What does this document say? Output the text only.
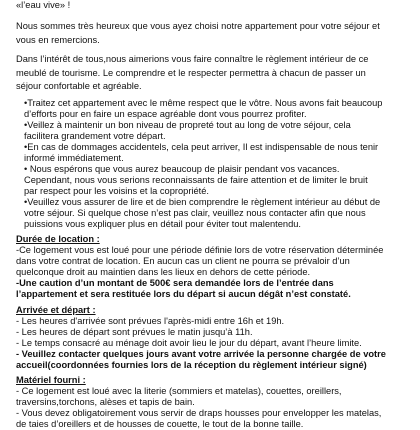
«l’eau vive» !
Nous sommes très heureux que vous ayez choisi notre appartement pour votre séjour et
vous en remercions.
Dans l’intérêt de tous,nous aimerions vous faire connaître le règlement intérieur de ce
meublé de tourisme. Le comprendre et le respecter permettra à chacun de passer un
séjour confortable et agréable.
•Traitez cet appartement avec le même respect que le vôtre. Nous avons fait beaucoup
d’efforts pour en faire un espace agréable dont vous pourrez profiter.
•Veillez à maintenir un bon niveau de propreté tout au long de votre séjour, cela
facilitera grandement votre départ.
•En cas de dommages accidentels, cela peut arriver, Il est indispensable de nous tenir
informé immédiatement.
• Nous espérons que vous aurez beaucoup de plaisir pendant vos vacances.
Cependant, nous vous serions reconnaissants de faire attention et de limiter le bruit
par respect pour les voisins et la copropriété.
•Veuillez vous assurer de lire et de bien comprendre le règlement intérieur au début de
votre séjour. Si quelque chose n’est pas clair, veuillez nous contacter afin que nous
puissions vous expliquer plus en détail pour éviter tout malentendu.
Durée de location :
-Ce logement vous est loué pour une période définie lors de votre réservation déterminée
dans votre contrat de location. En aucun cas un client ne pourra se prévaloir d’un
quelconque droit au maintien dans les lieux en dehors de cette période.
-Une caution d’un montant de 500€ sera demandée lors de l’entrée dans
l’appartement et sera restituée lors du départ si aucun dégât n’est constaté.
Arrivée et départ :
- Les heures d'arrivée sont prévues l'après-midi entre 16h et 19h.
- Les heures de départ sont prévues le matin jusqu’à 11h.
- Le temps consacré au ménage doit avoir lieu le jour du départ, avant l’heure limite.
- Veuillez contacter quelques jours avant votre arrivée la personne chargée de votre
accueil(coordonnées fournies lors de la réception du règlement intérieur signé)
Matériel fourni :
- Ce logement est loué avec la literie (sommiers et matelas), couettes, oreillers,
traversins,torchons, alèses et tapis de bain.
- Vous devez obligatoirement vous servir de draps housses pour envelopper les matelas,
de taies d’oreillers et de housses de couette, le tout de la bonne taille.
